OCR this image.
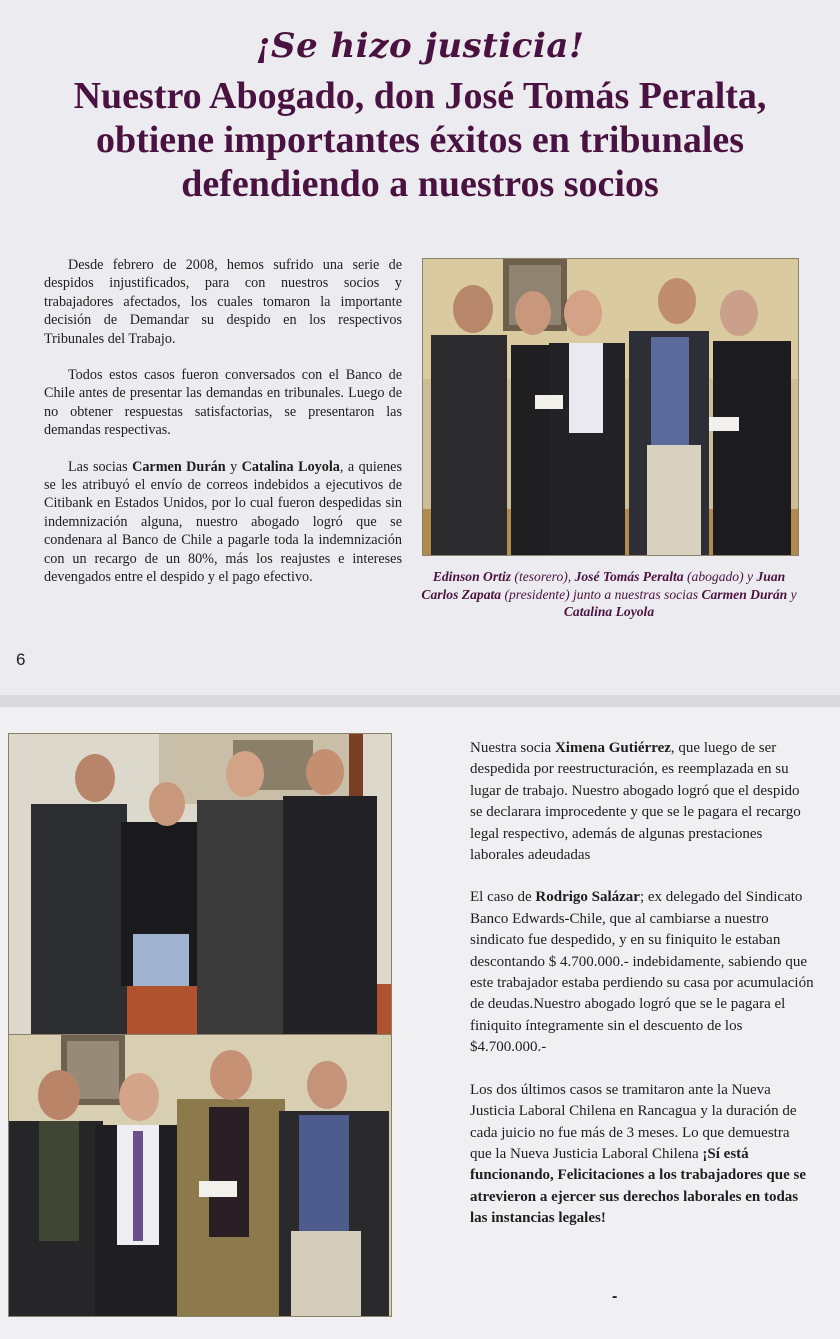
¡Se hizo justicia!
Nuestro Abogado, don José Tomás Peralta, obtiene importantes éxitos en tribunales defendiendo a nuestros socios

Desde febrero de 2008, hemos sufrido una serie de despidos injustificados, para con nuestros socios y trabajadores afectados, los cuales tomaron la importante decisión de Demandar su despido en los respectivos Tribunales del Trabajo.

Todos estos casos fueron conversados con el Banco de Chile antes de presentar las demandas en tribunales. Luego de no obtener respuestas satisfactorias, se presentaron las demandas respectivas.

Las socias Carmen Durán y Catalina Loyola, a quienes se les atribuyó el envío de correos indebidos a ejecutivos de Citibank en Estados Unidos, por lo cual fueron despedidas sin indemnización alguna, nuestro abogado logró que se condenara al Banco de Chile a pagarle toda la indemnización con un recargo de un 80%, más los reajustes e intereses devengados entre el despido y el pago efectivo.	Edinson Ortiz (tesorero), José Tomás Peralta (abogado) y Juan Carlos Zapata (presidente) junto a nuestras socias Carmen Durán y Catalina Loyola
6

Nuestra socia Ximena Gutiérrez, que luego de ser despedida por reestructuración, es reemplazada en su lugar de trabajo. Nuestro abogado logró que el despido se declarara improcedente y que se le pagara el recargo legal respectivo, además de algunas prestaciones laborales adeudadas

El caso de Rodrigo Salázar; ex delegado del Sindicato Banco Edwards-Chile, que al cambiarse a nuestro sindicato fue despedido, y en su finiquito le estaban descontando $ 4.700.000.- indebidamente, sabiendo que este trabajador estaba perdiendo su casa por acumulación de deudas.Nuestro abogado logró que se le pagara el finiquito íntegramente sin el descuento de los $4.700.000.-

Los dos últimos casos se tramitaron ante la Nueva Justicia Laboral Chilena en Rancagua y la duración de cada juicio no fue más de 3 meses. Lo que demuestra que la Nueva Justicia Laboral Chilena ¡Sí está funcionando, Felicitaciones a los trabajadores que se atrevieron a ejercer sus derechos laborales en todas las instancias legales!

-
